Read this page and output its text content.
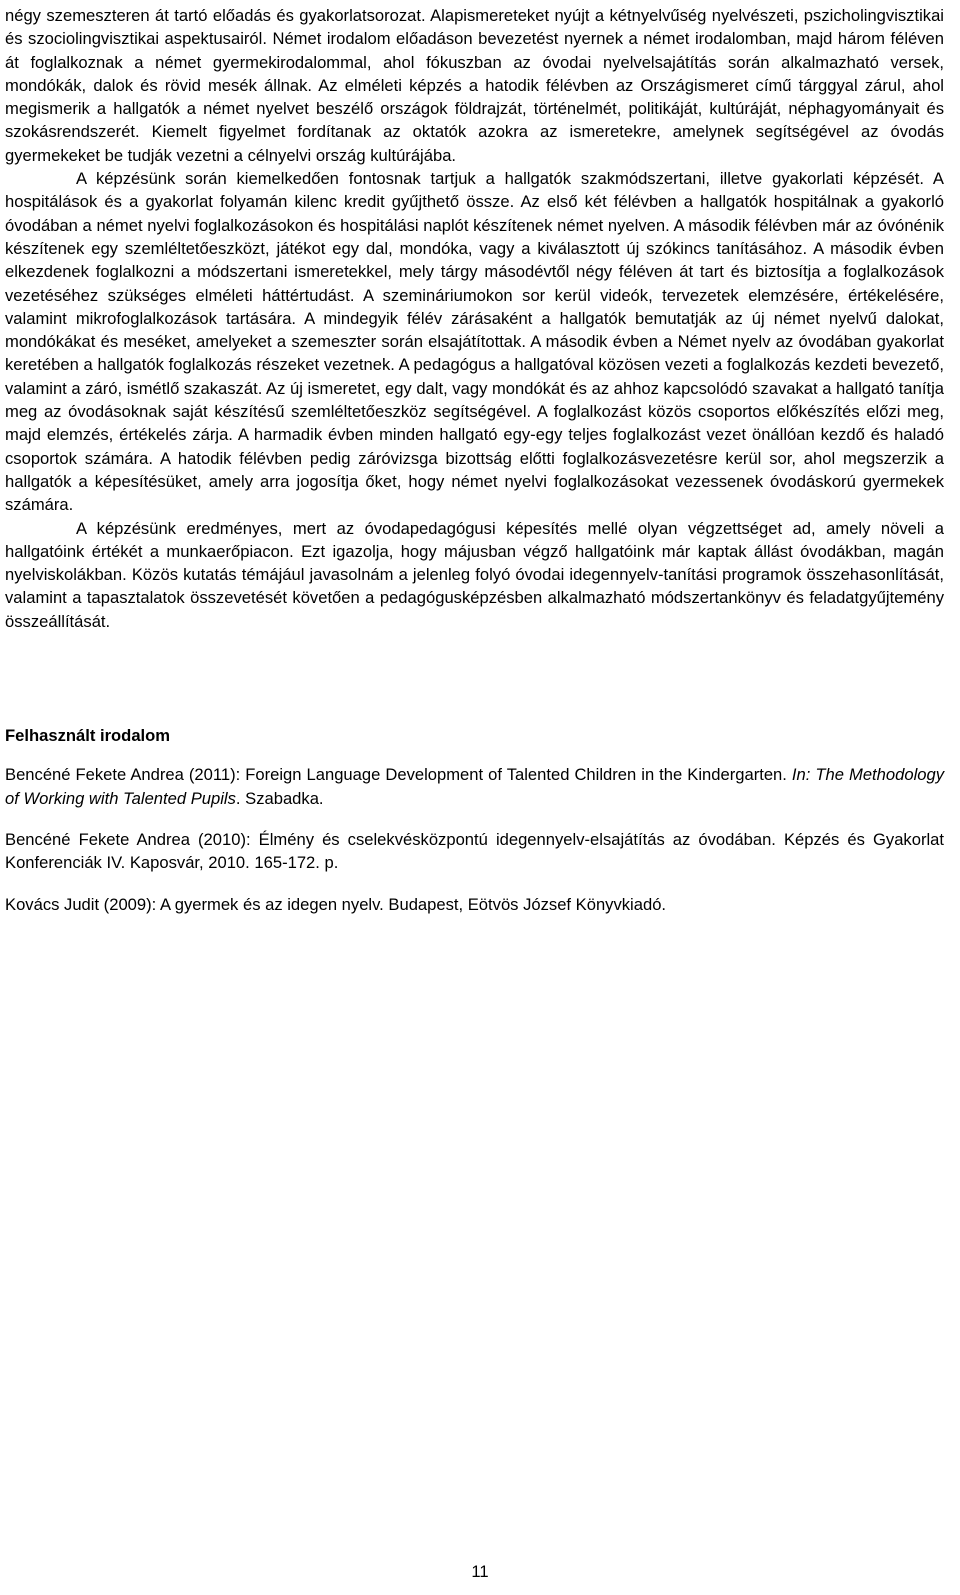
négy szemeszteren át tartó előadás és gyakorlatsorozat. Alapismereteket nyújt a kétnyelvűség nyelvészeti, pszicholingvisztikai és szociolingvisztikai aspektusairól. Német irodalom előadáson bevezetést nyernek a német irodalomban, majd három féléven át foglalkoznak a német gyermekirodalommal, ahol fókuszban az óvodai nyelvelsajátítás során alkalmazható versek, mondókák, dalok és rövid mesék állnak. Az elméleti képzés a hatodik félévben az Országismeret című tárggyal zárul, ahol megismerik a hallgatók a német nyelvet beszélő országok földrajzát, történelmét, politikáját, kultúráját, néphagyományait és szokásrendszerét. Kiemelt figyelmet fordítanak az oktatók azokra az ismeretekre, amelynek segítségével az óvodás gyermekeket be tudják vezetni a célnyelvi ország kultúrájába.

A képzésünk során kiemelkedően fontosnak tartjuk a hallgatók szakmódszertani, illetve gyakorlati képzését. A hospitálások és a gyakorlat folyamán kilenc kredit gyűjthető össze. Az első két félévben a hallgatók hospitálnak a gyakorló óvodában a német nyelvi foglalkozásokon és hospitálási naplót készítenek német nyelven. A második félévben már az óvónénik készítenek egy szemléltetőeszközt, játékot egy dal, mondóka, vagy a kiválasztott új szókincs tanításához. A második évben elkezdenek foglalkozni a módszertani ismeretekkel, mely tárgy másodévtől négy féléven át tart és biztosítja a foglalkozások vezetéséhez szükséges elméleti háttértudást. A szemináriumokon sor kerül videók, tervezetek elemzésére, értékelésére, valamint mikrofoglalkozások tartására. A mindegyik félév zárásaként a hallgatók bemutatják az új német nyelvű dalokat, mondókákat és meséket, amelyeket a szemeszter során elsajátítottak. A második évben a Német nyelv az óvodában gyakorlat keretében a hallgatók foglalkozás részeket vezetnek. A pedagógus a hallgatóval közösen vezeti a foglalkozás kezdeti bevezető, valamint a záró, ismétlő szakaszát. Az új ismeretet, egy dalt, vagy mondókát és az ahhoz kapcsolódó szavakat a hallgató tanítja meg az óvodásoknak saját készítésű szemléltetőeszköz segítségével. A foglalkozást közös csoportos előkészítés előzi meg, majd elemzés, értékelés zárja. A harmadik évben minden hallgató egy-egy teljes foglalkozást vezet önállóan kezdő és haladó csoportok számára. A hatodik félévben pedig záróvizsga bizottság előtti foglalkozásvezetésre kerül sor, ahol megszerzik a hallgatók a képesítésüket, amely arra jogosítja őket, hogy német nyelvi foglalkozásokat vezessenek óvodáskorú gyermekek számára.

A képzésünk eredményes, mert az óvodapedagógusi képesítés mellé olyan végzettséget ad, amely növeli a hallgatóink értékét a munkaerőpiacon. Ezt igazolja, hogy májusban végző hallgatóink már kaptak állást óvodákban, magán nyelviskolákban. Közös kutatás témájául javasolnám a jelenleg folyó óvodai idegennyelv-tanítási programok összehasonlítását, valamint a tapasztalatok összevetését követően a pedagógusképzésben alkalmazható módszertankönyv és feladatgyűjtemény összeállítását.

Felhasznált irodalom

Bencéné Fekete Andrea (2011): Foreign Language Development of Talented Children in the Kindergarten. In: The Methodology of Working with Talented Pupils. Szabadka.

Bencéné Fekete Andrea (2010): Élmény és cselekvésközpontú idegennyelv-elsajátítás az óvodában. Képzés és Gyakorlat Konferenciák IV. Kaposvár, 2010. 165-172. p.

Kovács Judit (2009): A gyermek és az idegen nyelv. Budapest, Eötvös József Könyvkiadó.

11
